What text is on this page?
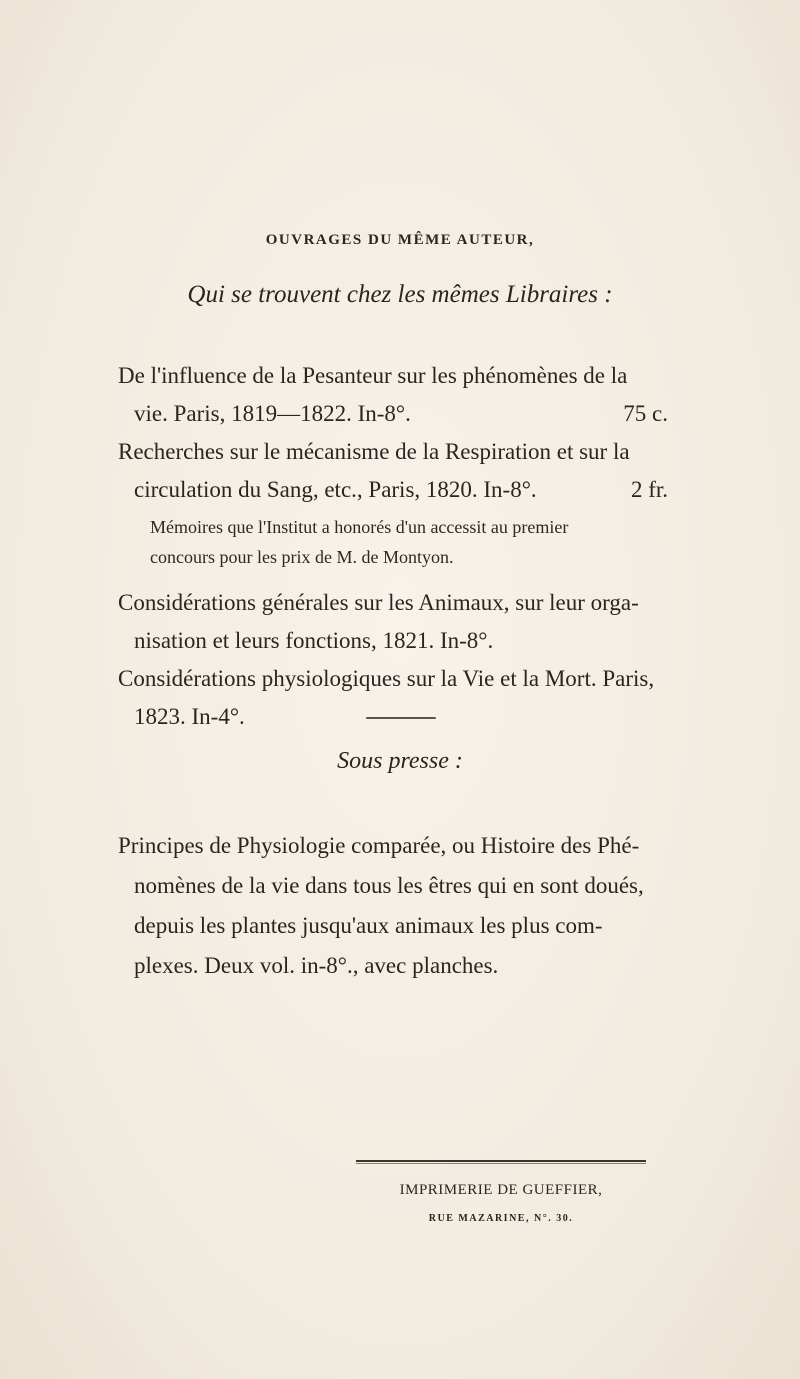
OUVRAGES DU MÊME AUTEUR,
Qui se trouvent chez les mêmes Libraires :
De l'influence de la Pesanteur sur les phénomènes de la
vie. Paris, 1819—1822. In-8°.	75 c.
Recherches sur le mécanisme de la Respiration et sur la
circulation du Sang, etc., Paris, 1820. In-8°.	2 fr.
Mémoires que l'Institut a honorés d'un accessit au premier
concours pour les prix de M. de Montyon.
Considérations générales sur les Animaux, sur leur orga-
nisation et leurs fonctions, 1821. In-8°.
Considérations physiologiques sur la Vie et la Mort. Paris,
1823. In-4°.
Sous presse :
Principes de Physiologie comparée, ou Histoire des Phé-
nomènes de la vie dans tous les êtres qui en sont doués,
depuis les plantes jusqu'aux animaux les plus com-
plexes. Deux vol. in-8°., avec planches.
IMPRIMERIE DE GUEFFIER,
RUE MAZARINE, N°. 30.
